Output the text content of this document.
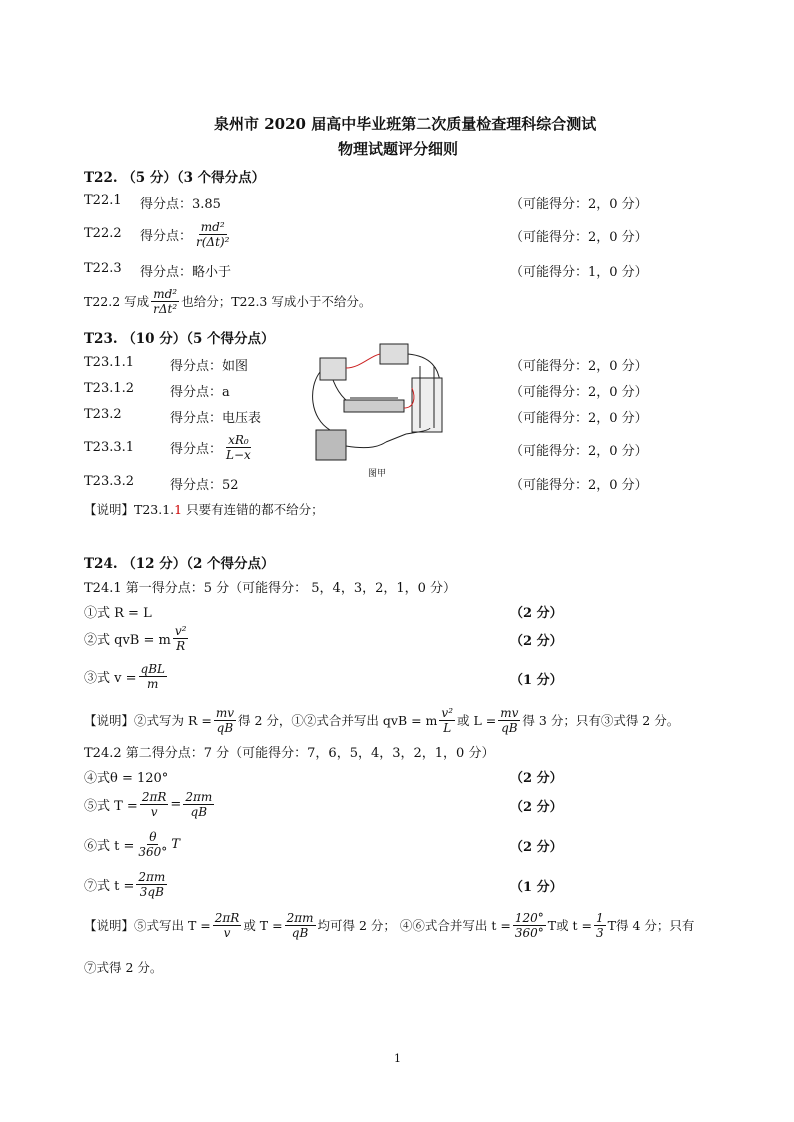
泉州市 2020 届高中毕业班第二次质量检查理科综合测试
物理试题评分细则
T22. （5 分）（3 个得分点）
T22.1 得分点：3.85	（可能得分：2，0 分）
T22.2 得分点： $\frac{\text{md²}}{\text{r(Δt)²}}$	（可能得分：2，0 分）
T22.3 得分点：略小于	（可能得分：1，0 分）
T22.2 写成 $\frac{\text{md²}}{\text{rΔt²}}$ 也给分；T22.3 写成小于不给分。
T23. （10 分）（5 个得分点）
T23.1.1	得分点：如图	（可能得分：2，0 分）
T23.1.2	得分点：a	（可能得分：2，0 分）
T23.2	得分点：电压表	（可能得分：2，0 分）
T23.3.1	得分点： $\frac{\text{xR₀}}{L-x}$	（可能得分：2，0 分）
T23.3.2	得分点：52	（可能得分：2，0 分）
图甲
【说明】T23.1.1 只要有连错的都不给分；
T24. （12 分）（2 个得分点）
T24.1 第一得分点：5 分（可能得分： 5，4，3，2，1，0 分）
①式 R = L	（2 分）
②式 qvB = m $\frac{\text{v²}}{R}$	（2 分）
③式 $v = \frac{\text{qBL}}{m}$	（1 分）
【说明】②式写为 $R = \frac{mv}{qB}$ 得 2 分，①②式合并写出 qvB = m $\frac{\text{v²}}{L}$ 或 $L = \frac{mv}{qB}$ 得 3 分；只有③式得 2 分。
T24.2 第二得分点：7 分（可能得分：7，6，5，4，3，2，1，0 分）
④式θ = 120°	（2 分）
⑤式 $T = \frac{2\pi R}{v} = \frac{2\pi m}{qB}$	（2 分）
⑥式 $t = \frac{\theta}{360^\circ}$ T	（2 分）
⑦式 $t = \frac{2\pi m}{3qB}$	（1 分）
【说明】⑤式写出 $T = \frac{2\pi R}{v}$ 或 $T = \frac{2\pi m}{qB}$ 均可得 2 分； ④⑥式合并写出 $t = \frac{120^\circ}{360^\circ}$ T或 $t = \frac{1}{3}$ T得 4 分；只有
⑦式得 2 分。
1
